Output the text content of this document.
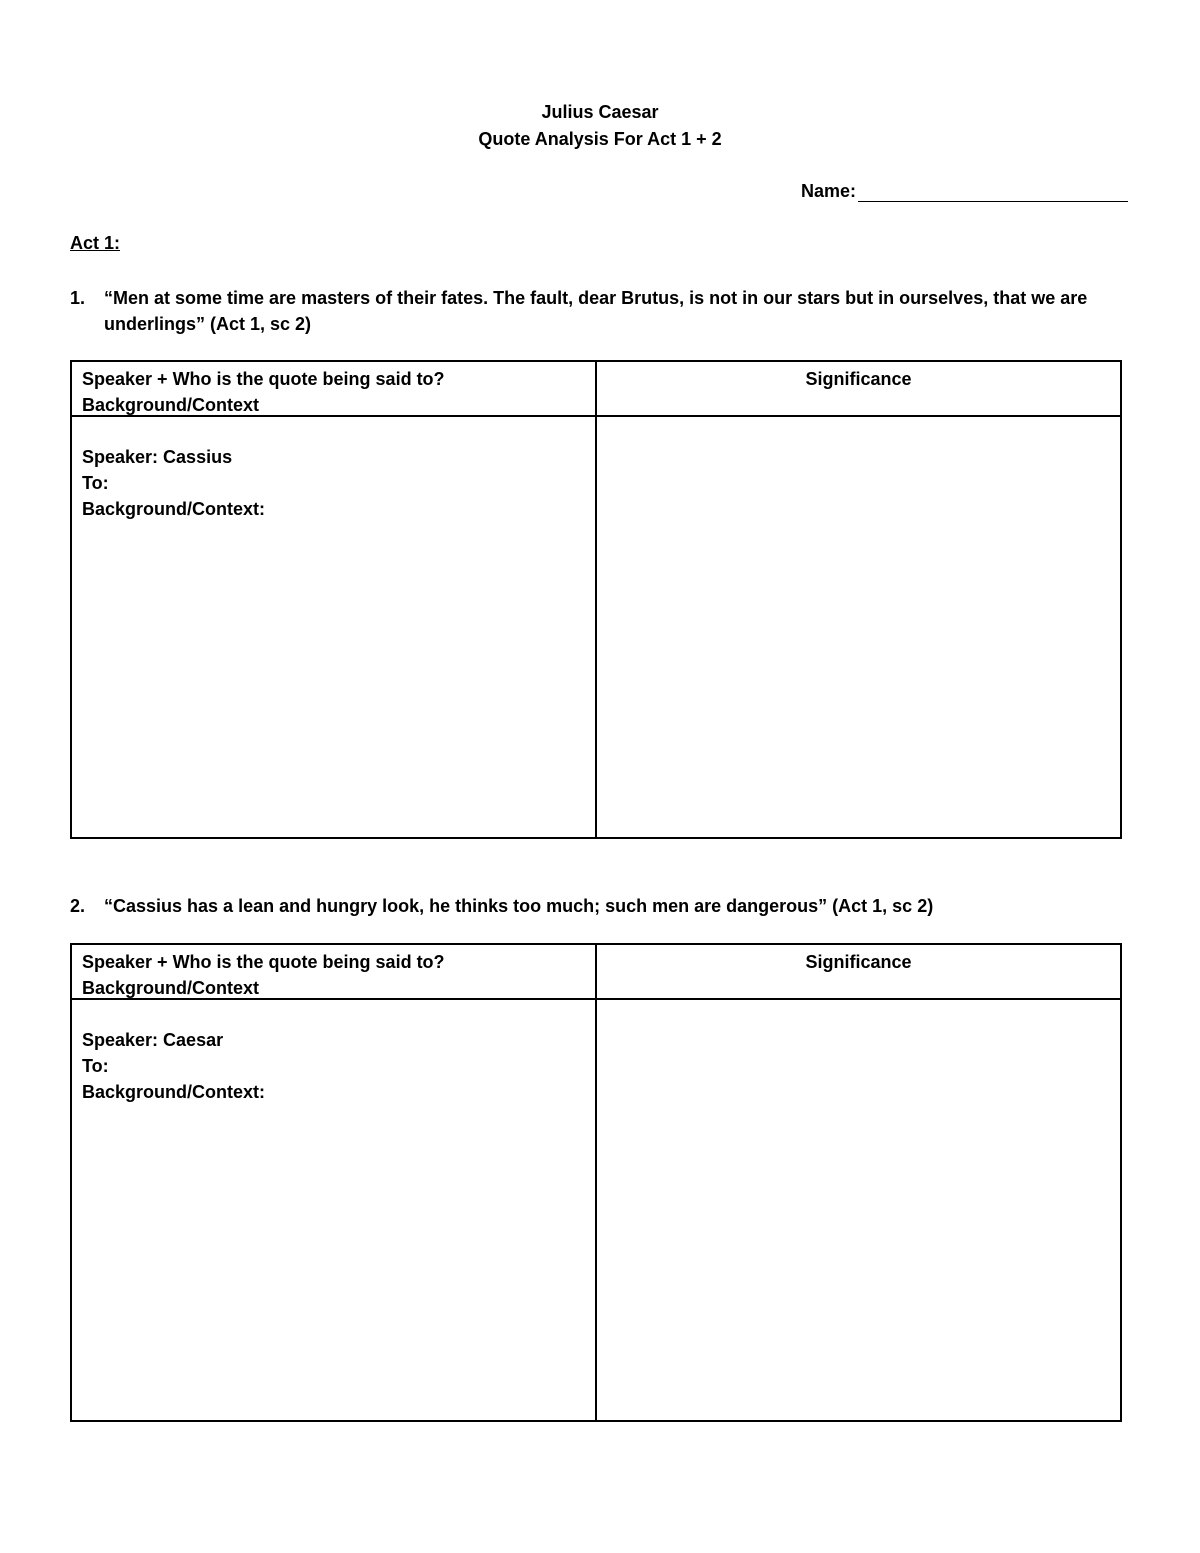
Julius Caesar
Quote Analysis For Act 1 + 2
Name:
Act 1:
1. “Men at some time are masters of their fates. The fault, dear Brutus, is not in our stars but in ourselves, that we are underlings” (Act 1, sc 2)
Speaker + Who is the quote being said to?
Background/Context
Significance
Speaker: Cassius
To:
Background/Context:
2. “Cassius has a lean and hungry look, he thinks too much; such men are dangerous” (Act 1, sc 2)
Speaker + Who is the quote being said to?
Background/Context
Significance
Speaker: Caesar
To:
Background/Context:
